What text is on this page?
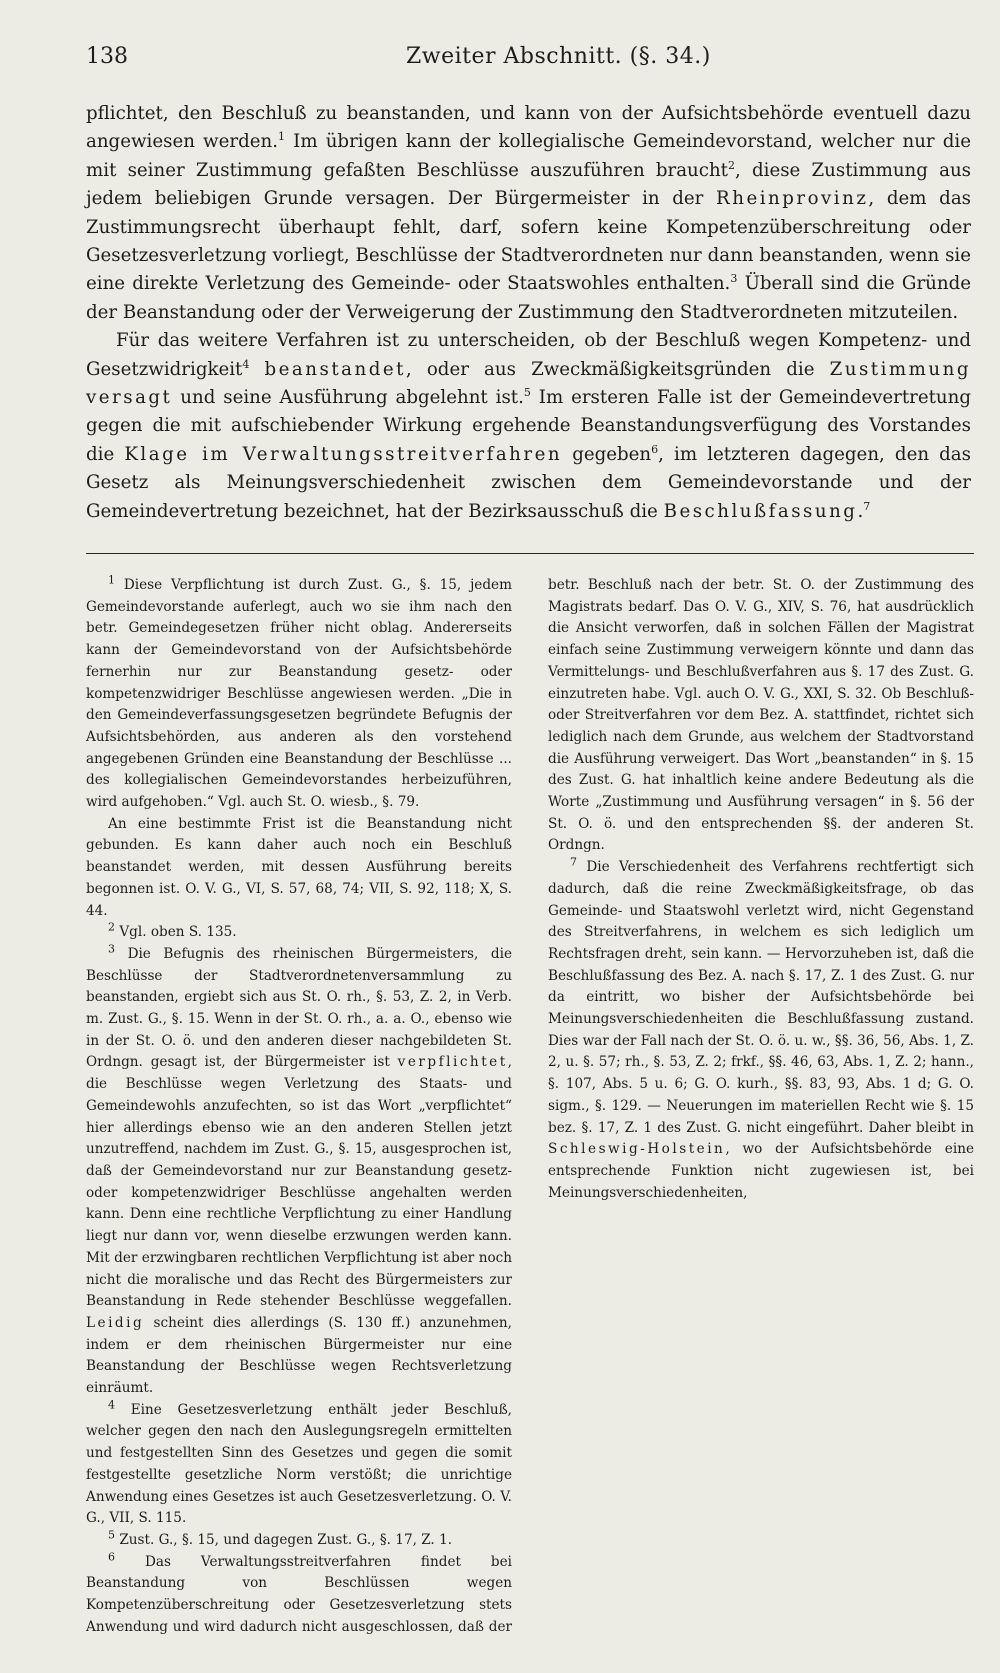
138	Zweiter Abschnitt. (§. 34.)

pflichtet, den Beschluß zu beanstanden, und kann von der Aufsichtsbehörde eventuell dazu angewiesen werden.$^1$ Im übrigen kann der kollegialische Gemeindevorstand, welcher nur die mit seiner Zustimmung gefaßten Beschlüsse auszuführen braucht$^2$, diese Zustimmung aus jedem beliebigen Grunde versagen. Der Bürgermeister in der Rheinprovinz, dem das Zustimmungsrecht überhaupt fehlt, darf, sofern keine Kompetenzüberschreitung oder Gesetzesverletzung vorliegt, Beschlüsse der Stadtverordneten nur dann beanstanden, wenn sie eine direkte Verletzung des Gemeinde- oder Staatswohles enthalten.$^3$ Überall sind die Gründe der Beanstandung oder der Verweigerung der Zustimmung den Stadtverordneten mitzuteilen.

Für das weitere Verfahren ist zu unterscheiden, ob der Beschluß wegen Kompetenz- und Gesetzwidrigkeit$^4$ beanstandet, oder aus Zweckmäßigkeitsgründen die Zustimmung versagt und seine Ausführung abgelehnt ist.$^5$ Im ersteren Falle ist der Gemeindevertretung gegen die mit aufschiebender Wirkung ergehende Beanstandungsverfügung des Vorstandes die Klage im Verwaltungsstreitverfahren gegeben$^6$, im letzteren dagegen, den das Gesetz als Meinungsverschiedenheit zwischen dem Gemeindevorstande und der Gemeindevertretung bezeichnet, hat der Bezirksausschuß die Beschlußfassung.$^7$

$^1$ Diese Verpflichtung ist durch Zust. G., §. 15, jedem Gemeindevorstande auferlegt, auch wo sie ihm nach den betr. Gemeindegesetzen früher nicht oblag. Andererseits kann der Gemeindevorstand von der Aufsichtsbehörde fernerhin nur zur Beanstandung gesetz- oder kompetenzwidriger Beschlüsse angewiesen werden. „Die in den Gemeindeverfassungsgesetzen begründete Befugnis der Aufsichtsbehörden, aus anderen als den vorstehend angegebenen Gründen eine Beanstandung der Beschlüsse ... des kollegialischen Gemeindevorstandes herbeizuführen, wird aufgehoben.“ Vgl. auch St. O. wiesb., §. 79.

An eine bestimmte Frist ist die Beanstandung nicht gebunden. Es kann daher auch noch ein Beschluß beanstandet werden, mit dessen Ausführung bereits begonnen ist. O. V. G., VI, S. 57, 68, 74; VII, S. 92, 118; X, S. 44.

$^2$ Vgl. oben S. 135.

$^3$ Die Befugnis des rheinischen Bürgermeisters, die Beschlüsse der Stadtverordnetenversammlung zu beanstanden, ergiebt sich aus St. O. rh., §. 53, Z. 2, in Verb. m. Zust. G., §. 15. Wenn in der St. O. rh., a. a. O., ebenso wie in der St. O. ö. und den anderen dieser nachgebildeten St. Ordngn. gesagt ist, der Bürgermeister ist verpflichtet, die Beschlüsse wegen Verletzung des Staats- und Gemeindewohls anzufechten, so ist das Wort „verpflichtet“ hier allerdings ebenso wie an den anderen Stellen jetzt unzutreffend, nachdem im Zust. G., §. 15, ausgesprochen ist, daß der Gemeindevorstand nur zur Beanstandung gesetz- oder kompetenzwidriger Beschlüsse angehalten werden kann. Denn eine rechtliche Verpflichtung zu einer Handlung liegt nur dann vor, wenn dieselbe erzwungen werden kann. Mit der erzwingbaren rechtlichen Verpflichtung ist aber noch nicht die moralische und das Recht des Bürgermeisters zur Beanstandung in Rede stehender Beschlüsse weggefallen. Leidig scheint dies allerdings (S. 130 ff.) anzunehmen, indem er dem rheinischen Bürgermeister nur eine Beanstandung der Beschlüsse wegen Rechtsverletzung einräumt.

$^4$ Eine Gesetzesverletzung enthält jeder Beschluß, welcher gegen den nach den Auslegungsregeln ermittelten und festgestellten Sinn des Gesetzes und gegen die somit festgestellte gesetzliche Norm verstößt; die unrichtige Anwendung eines Gesetzes ist auch Gesetzesverletzung. O. V. G., VII, S. 115.

$^5$ Zust. G., §. 15, und dagegen Zust. G., §. 17, Z. 1.

$^6$ Das Verwaltungsstreitverfahren findet bei Beanstandung von Beschlüssen wegen Kompetenzüberschreitung oder Gesetzesverletzung stets Anwendung und wird dadurch nicht ausgeschlossen, daß der betr. Beschluß nach der betr. St. O. der Zustimmung des Magistrats bedarf. Das O. V. G., XIV, S. 76, hat ausdrücklich die Ansicht verworfen, daß in solchen Fällen der Magistrat einfach seine Zustimmung verweigern könnte und dann das Vermittelungs- und Beschlußverfahren aus §. 17 des Zust. G. einzutreten habe. Vgl. auch O. V. G., XXI, S. 32. Ob Beschluß- oder Streitverfahren vor dem Bez. A. stattfindet, richtet sich lediglich nach dem Grunde, aus welchem der Stadtvorstand die Ausführung verweigert. Das Wort „beanstanden“ in §. 15 des Zust. G. hat inhaltlich keine andere Bedeutung als die Worte „Zustimmung und Ausführung versagen“ in §. 56 der St. O. ö. und den entsprechenden §§. der anderen St. Ordngn.

$^7$ Die Verschiedenheit des Verfahrens rechtfertigt sich dadurch, daß die reine Zweckmäßigkeitsfrage, ob das Gemeinde- und Staatswohl verletzt wird, nicht Gegenstand des Streitverfahrens, in welchem es sich lediglich um Rechtsfragen dreht, sein kann. — Hervorzuheben ist, daß die Beschlußfassung des Bez. A. nach §. 17, Z. 1 des Zust. G. nur da eintritt, wo bisher der Aufsichtsbehörde bei Meinungsverschiedenheiten die Beschlußfassung zustand. Dies war der Fall nach der St. O. ö. u. w., §§. 36, 56, Abs. 1, Z. 2, u. §. 57; rh., §. 53, Z. 2; frkf., §§. 46, 63, Abs. 1, Z. 2; hann., §. 107, Abs. 5 u. 6; G. O. kurh., §§. 83, 93, Abs. 1 d; G. O. sigm., §. 129. — Neuerungen im materiellen Recht wie §. 15 bez. §. 17, Z. 1 des Zust. G. nicht eingeführt. Daher bleibt in Schleswig-Holstein, wo der Aufsichtsbehörde eine entsprechende Funktion nicht zugewiesen ist, bei Meinungsverschiedenheiten,
